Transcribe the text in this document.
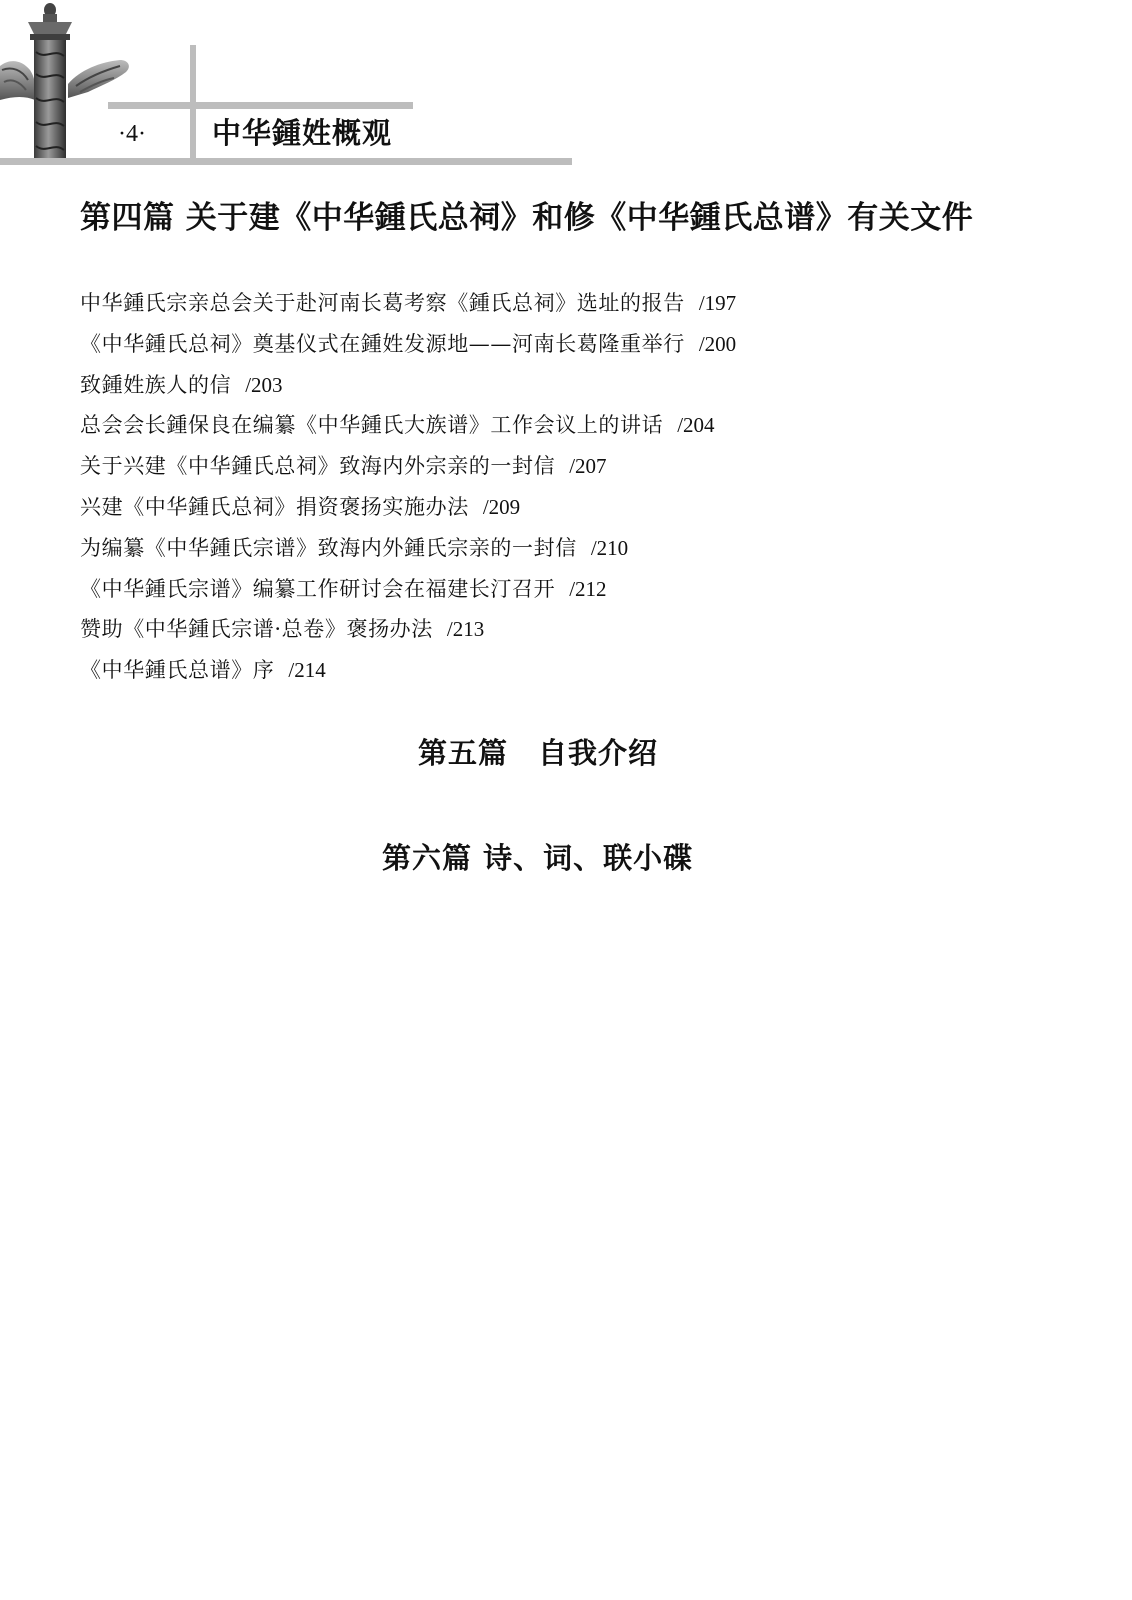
·4·	中华鍾姓概观
第四篇 关于建《中华鍾氏总祠》和修《中华鍾氏总谱》有关文件
中华鍾氏宗亲总会关于赴河南长葛考察《鍾氏总祠》选址的报告 /197
《中华鍾氏总祠》奠基仪式在鍾姓发源地——河南长葛隆重举行 /200
致鍾姓族人的信 /203
总会会长鍾保良在编纂《中华鍾氏大族谱》工作会议上的讲话 /204
关于兴建《中华鍾氏总祠》致海内外宗亲的一封信 /207
兴建《中华鍾氏总祠》捐资褒扬实施办法 /209
为编纂《中华鍾氏宗谱》致海内外鍾氏宗亲的一封信 /210
《中华鍾氏宗谱》编纂工作研讨会在福建长汀召开 /212
赞助《中华鍾氏宗谱·总卷》褒扬办法 /213
《中华鍾氏总谱》序 /214
第五篇　自我介绍
第六篇 诗、词、联小碟
